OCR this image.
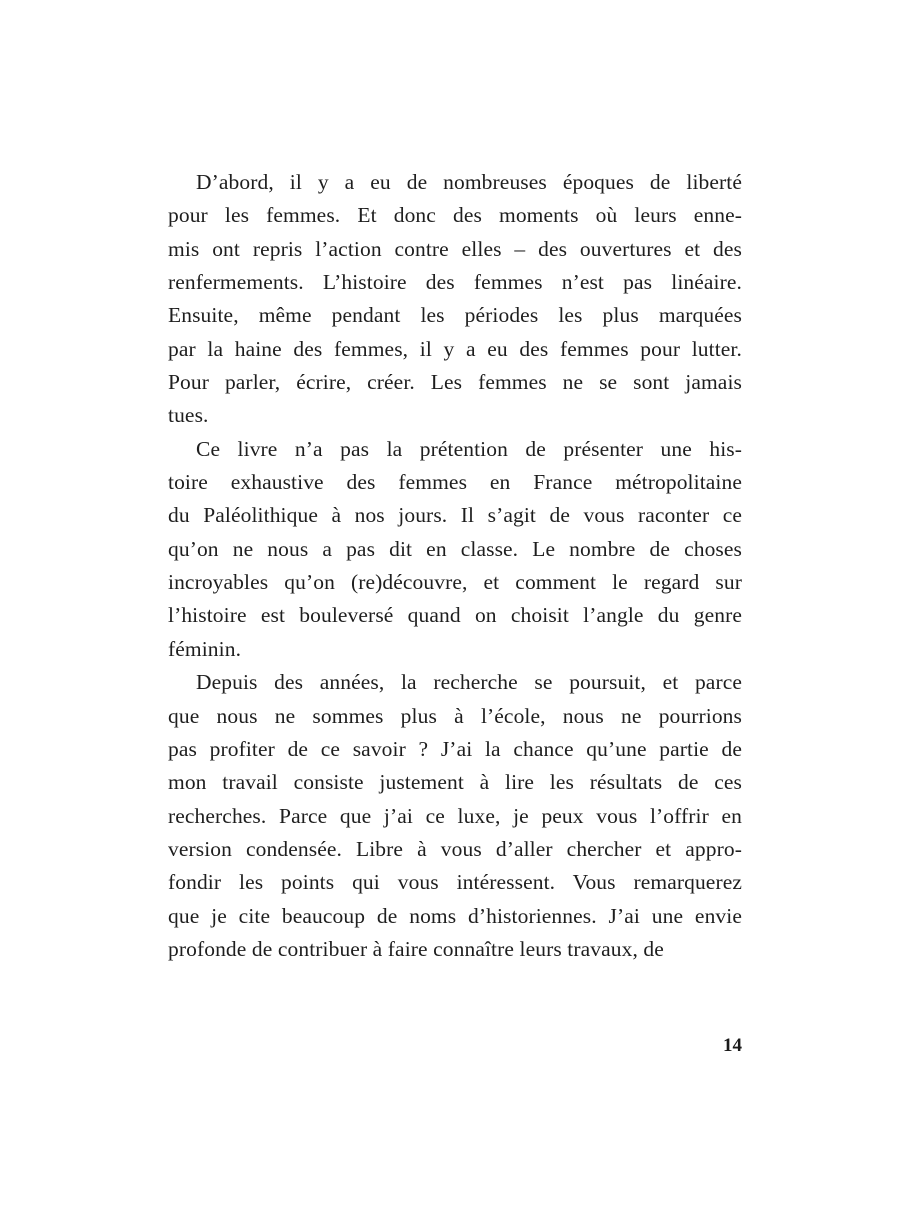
D’abord, il y a eu de nombreuses époques de liberté
pour les femmes. Et donc des moments où leurs enne-
mis ont repris l’action contre elles – des ouvertures et des
renfermements. L’histoire des femmes n’est pas linéaire.
Ensuite, même pendant les périodes les plus marquées
par la haine des femmes, il y a eu des femmes pour lutter.
Pour parler, écrire, créer. Les femmes ne se sont jamais
tues.
Ce livre n’a pas la prétention de présenter une his-
toire exhaustive des femmes en France métropolitaine
du Paléolithique à nos jours. Il s’agit de vous raconter ce
qu’on ne nous a pas dit en classe. Le nombre de choses
incroyables qu’on (re)découvre, et comment le regard sur
l’histoire est bouleversé quand on choisit l’angle du genre
féminin.
Depuis des années, la recherche se poursuit, et parce
que nous ne sommes plus à l’école, nous ne pourrions
pas profiter de ce savoir ? J’ai la chance qu’une partie de
mon travail consiste justement à lire les résultats de ces
recherches. Parce que j’ai ce luxe, je peux vous l’offrir en
version condensée. Libre à vous d’aller chercher et appro-
fondir les points qui vous intéressent. Vous remarquerez
que je cite beaucoup de noms d’historiennes. J’ai une envie
profonde de contribuer à faire connaître leurs travaux, de
14
